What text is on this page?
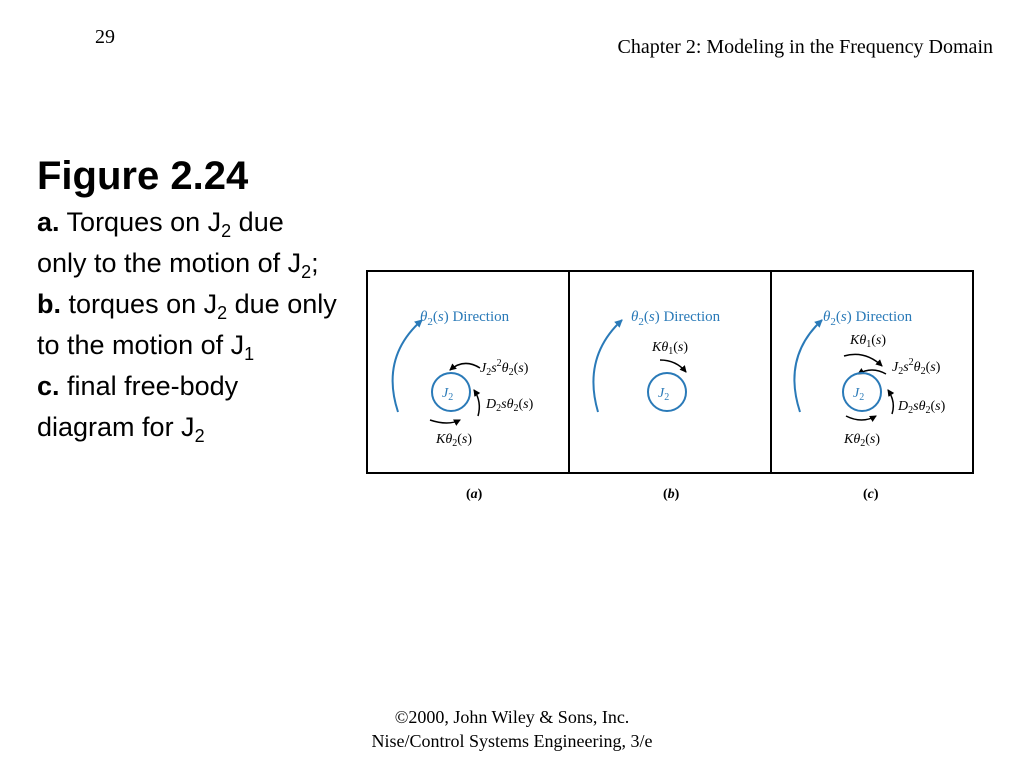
29	Chapter 2: Modeling in the Frequency Domain
Figure 2.24
a. Torques on $J_2$ due only to the motion of $J_2$;
b. torques on $J_2$ due only to the motion of $J_1$
c. final free-body diagram for $J_2$
$\theta_2(s)$ Direction
$J_2$
$J_2s^2\theta_2(s)$
$D_2s\theta_2(s)$
$K\theta_2(s)$
$\theta_2(s)$ Direction
$K\theta_1(s)$
$J_2$
$\theta_2(s)$ Direction
$K\theta_1(s)$
$J_2s^2\theta_2(s)$
$J_2$
$D_2s\theta_2(s)$
$K\theta_2(s)$
(a)	(b)	(c)
©2000, John Wiley & Sons, Inc.
Nise/Control Systems Engineering, 3/e
